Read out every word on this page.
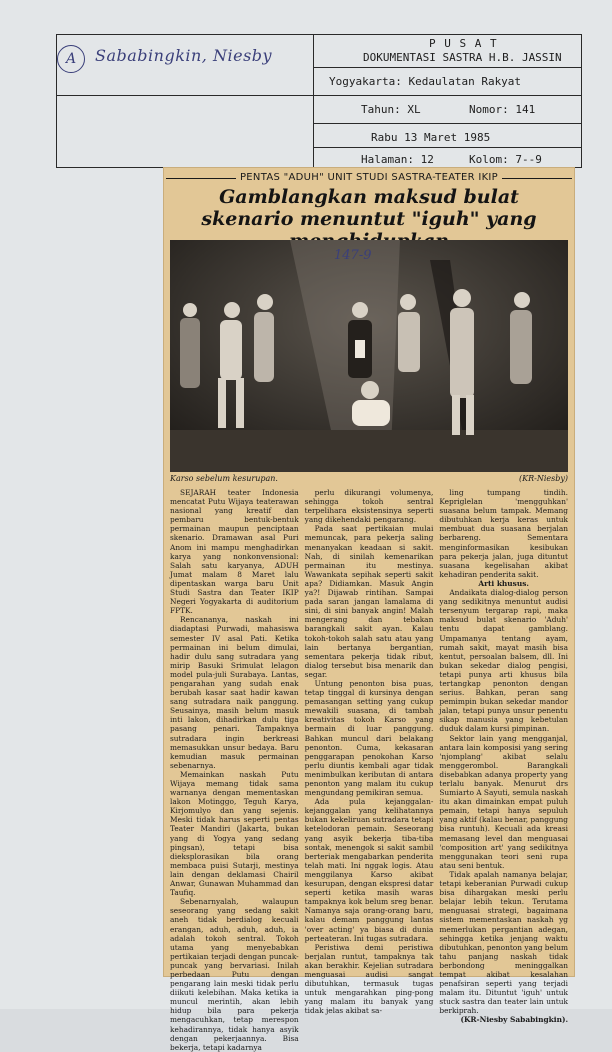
A	Sababingkin, Niesby
P U S A T
DOKUMENTASI SASTRA H.B. JASSIN
Yogyakarta: Kedaulatan Rakyat
Tahun: XL	Nomor: 141
Rabu 13 Maret 1985
Halaman: 12	Kolom: 7--9
PENTAS "ADUH" UNIT STUDI SASTRA-TEATER IKIP
Gamblangkan maksud bulat skenario menuntut "iguh" yang
147-9
Karso sebelum kesurupan.	(KR-Niesby)

SEJARAH teater Indonesia mencatat Putu Wijaya teaterawan nasional yang kreatif dan pembaru bentuk-bentuk permainan maupun penciptaan skenario. Dramawan asal Puri Anom ini mampu menghadirkan karya yang nonkonvensional: Salah satu karyanya, ADUH Jumat malam 8 Maret lalu dipentaskan warga baru Unit Studi Sastra dan Teater IKIP Negeri Yogyakarta di auditorium FPTK.

Rencananya, naskah ini diadaptasi Purwadi, mahasiswa semester IV asal Pati. Ketika permainan ini belum dimulai, hadir dulu sang sutradara yang mirip Basuki Srimulat lelagon model pula-juli Surabaya. Lantas, pengarahan yang sudah enak berubah kasar saat hadir kawan sang sutradara naik panggung. Seusainya, masih belum masuk inti lakon, dihadirkan dulu tiga pasang penari. Tampaknya sutradara ingin berkreasi memasukkan unsur bedaya. Baru kemudian masuk permainan sebenarnya.

Memainkan naskah Putu Wijaya memang tidak sama warnanya dengan mementaskan lakon Motinggo, Teguh Karya, Kirjomulyo dan yang sejenis. Meski tidak harus seperti pentas Teater Mandiri (Jakarta, bukan yang di Yogya yang sedang pingsan), tetapi bisa dieksplorasikan bila orang membaca puisi Sutarji, mestinya lain dengan deklamasi Chairil Anwar, Gunawan Muhammad dan Taufiq.

Sebenarnyalah, walaupun seseorang yang sedang sakit aneh tidak berdialog kecuali erangan, aduh, aduh, aduh, ia adalah tokoh sentral. Tokoh utama yang menyebabkan pertikaian terjadi dengan puncak-puncak yang bervariasi. Inilah perbedaan Putu dengan pengarang lain meski tidak perlu diikuti kelebihan. Maka ketika ia muncul merintih, akan lebih hidup bila para pekerja mengacuhkan, tetap merespon kehadirannya, tidak hanya asyik dengan pekerjaannya. Bisa bekerja, tetapi kadarnya

perlu dikurangi volumenya, sehingga tokoh sentral terpelihara eksistensinya seperti yang dikehendaki pengarang.

Pada saat pertikaian mulai memuncak, para pekerja saling menanyakan keadaan si sakit. Nah, di sinilah kemenarikan permainan itu mestinya. Wawankata sepihak seperti sakit apa? Didiamkan. Masuk Angin ya?! Dijawab rintihan. Sampai pada saran jangan lamalama di sini, di sini banyak angin! Malah mengerang dan tebakan barangkali sakit ayan. Kalau tokoh-tokoh salah satu atau yang lain bertanya bergantian, sementara pekerja tidak ribut, dialog tersebut bisa menarik dan segar.

Untung penonton bisa puas, tetap tinggal di kursinya dengan pemasangan setting yang cukup mewakili suasana, di tambah kreativitas tokoh Karso yang bermain di luar panggung. Bahkan muncul dari belakang penonton. Cuma, kekasaran penggarapan penokohan Karso perlu diuntis kembali agar tidak menimbulkan keributan di antara penonton yang malam itu cukup mengundang pemikiran semua.

Ada pula kejanggalan-kejanggalan yang kelihatannya bukan kekeliruan sutradara tetapi ketelodoran pemain. Seseorang yang asyik bekerja tiba-tiba sontak, menengok si sakit sambil berteriak mengabarkan penderita telah mati. Ini nggak logis. Atau menggilanya Karso akibat kesurupan, dengan ekspresi datar seperti ketika masih waras tampaknya kok belum sreg benar. Namanya saja orang-orang baru, kalau demam panggung lantas 'over acting' ya biasa di dunia perteateran. Ini tugas sutradara.

Peristiwa demi peristiwa berjalan runtut, tampaknya tak akan berakhir. Kejelian sutradara menguasai audisi sangat dibutuhkan, termasuk tugas untuk mengarahkan ping-pong yang malam itu banyak yang tidak jelas akibat sa-

ling tumpang tindih. Kepriglelan 'mengguhkan' suasana belum tampak. Memang dibutuhkan kerja keras untuk membuat dua suasana berjalan berbareng. Sementara menginformasikan kesibukan para pekerja jalan, juga dituntut suasana kegelisahan akibat kehadiran penderita sakit.

Arti khusus.

Andaikata dialog-dialog person yang sedikitnya menuntut audisi tersenyum tergarap rapi, maka maksud bulat skenario 'Aduh' tentu dapat gamblang. Umpamanya tentang ayam, rumah sakit, mayat masih bisa kentut, persoalan balsem, dll. Ini bukan sekedar dialog pengisi, tetapi punya arti khusus bila tertangkap penonton dengan serius. Bahkan, peran sang pemimpin bukan sekedar mandor jalan, tetapi punya unsur penentu sikap manusia yang kebetulan duduk dalam kursi pimpinan.

Sektor lain yang mengganjal, antara lain komposisi yang sering 'njomplang' akibat selalu menggerombol. Barangkali disebabkan adanya property yang terlalu banyak. Menurut drs Sumiarto A Sayuti, semula naskah itu akan dimainkan empat puluh pemain, tetapi hanya sepuluh yang aktif (kalau benar, panggung bisa runtuh). Kecuali ada kreasi memasang level dan menguasai 'composition art' yang sedikitnya menggunakan teori seni rupa atau seni bentuk.

Tidak apalah namanya belajar, tetapi keberanian Purwadi cukup bisa dihargakan meski perlu belajar lebih tekun. Terutama menguasai strategi, bagaimana sistem mementaskan naskah yg memerlukan pergantian adegan, sehingga ketika jenjang waktu dibutuhkan, penonton yang belum tahu panjang naskah tidak berbondong meninggalkan tempat akibat kesalahan penafsiran seperti yang terjadi malam itu. Dituntut 'iguh' untuk stuck sastra dan teater lain untuk berkiprah.

(KR-Niesby Sababingkin).
